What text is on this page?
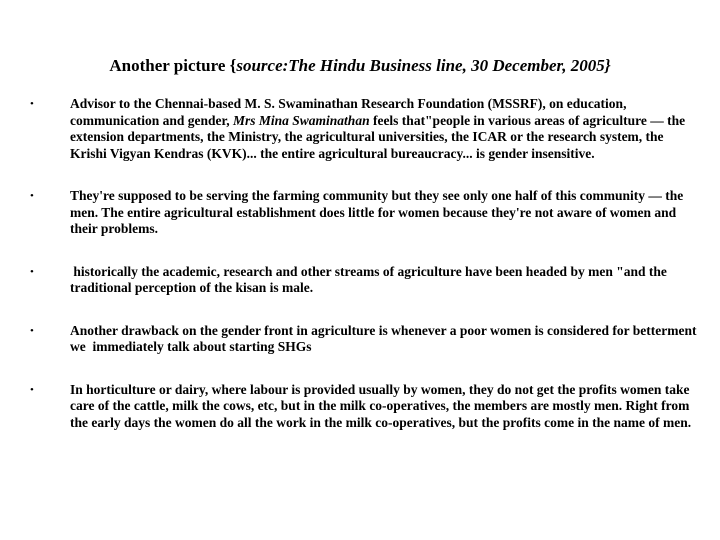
Another picture {source:The Hindu Business line, 30 December, 2005}
•	Advisor to the Chennai-based M. S. Swaminathan Research Foundation (MSSRF), on education, communication and gender, Mrs Mina Swaminathan feels that"people in various areas of agriculture — the extension departments, the Ministry, the agricultural universities, the ICAR or the research system, the Krishi Vigyan Kendras (KVK)... the entire agricultural bureaucracy... is gender insensitive.
•	They're supposed to be serving the farming community but they see only one half of this community — the men. The entire agricultural establishment does little for women because they're not aware of women and their problems.
•	historically the academic, research and other streams of agriculture have been headed by men "and the traditional perception of the kisan is male.
•	Another drawback on the gender front in agriculture is whenever a poor women is considered for betterment we  immediately talk about starting SHGs
•	In horticulture or dairy, where labour is provided usually by women, they do not get the profits women take care of the cattle, milk the cows, etc, but in the milk co-operatives, the members are mostly men. Right from the early days the women do all the work in the milk co-operatives, but the profits come in the name of men.
